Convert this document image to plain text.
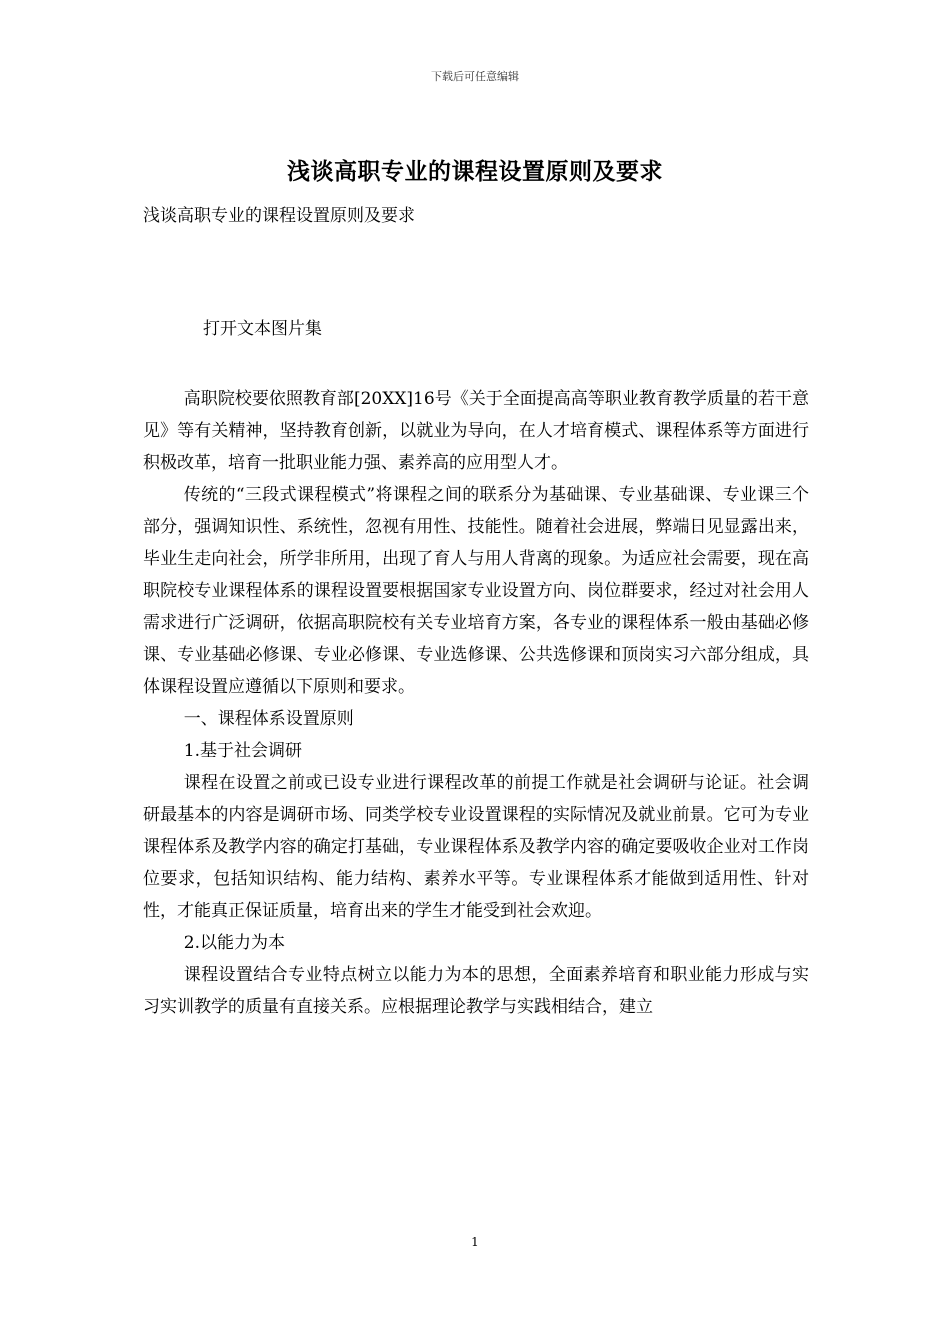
下载后可任意编辑
浅谈高职专业的课程设置原则及要求
浅谈高职专业的课程设置原则及要求
打开文本图片集

高职院校要依照教育部[20XX]16号《关于全面提高高等职业教育教学质量的若干意见》等有关精神，坚持教育创新，以就业为导向，在人才培育模式、课程体系等方面进行积极改革，培育一批职业能力强、素养高的应用型人才。

传统的“三段式课程模式”将课程之间的联系分为基础课、专业基础课、专业课三个部分，强调知识性、系统性，忽视有用性、技能性。随着社会进展，弊端日见显露出来，毕业生走向社会，所学非所用，出现了育人与用人背离的现象。为适应社会需要，现在高职院校专业课程体系的课程设置要根据国家专业设置方向、岗位群要求，经过对社会用人需求进行广泛调研，依据高职院校有关专业培育方案，各专业的课程体系一般由基础必修课、专业基础必修课、专业必修课、专业选修课、公共选修课和顶岗实习六部分组成，具体课程设置应遵循以下原则和要求。

一、课程体系设置原则

1.基于社会调研

课程在设置之前或已设专业进行课程改革的前提工作就是社会调研与论证。社会调研最基本的内容是调研市场、同类学校专业设置课程的实际情况及就业前景。它可为专业课程体系及教学内容的确定打基础，专业课程体系及教学内容的确定要吸收企业对工作岗位要求，包括知识结构、能力结构、素养水平等。专业课程体系才能做到适用性、针对性，才能真正保证质量，培育出来的学生才能受到社会欢迎。

2.以能力为本

课程设置结合专业特点树立以能力为本的思想，全面素养培育和职业能力形成与实习实训教学的质量有直接关系。应根据理论教学与实践相结合，建立

1
